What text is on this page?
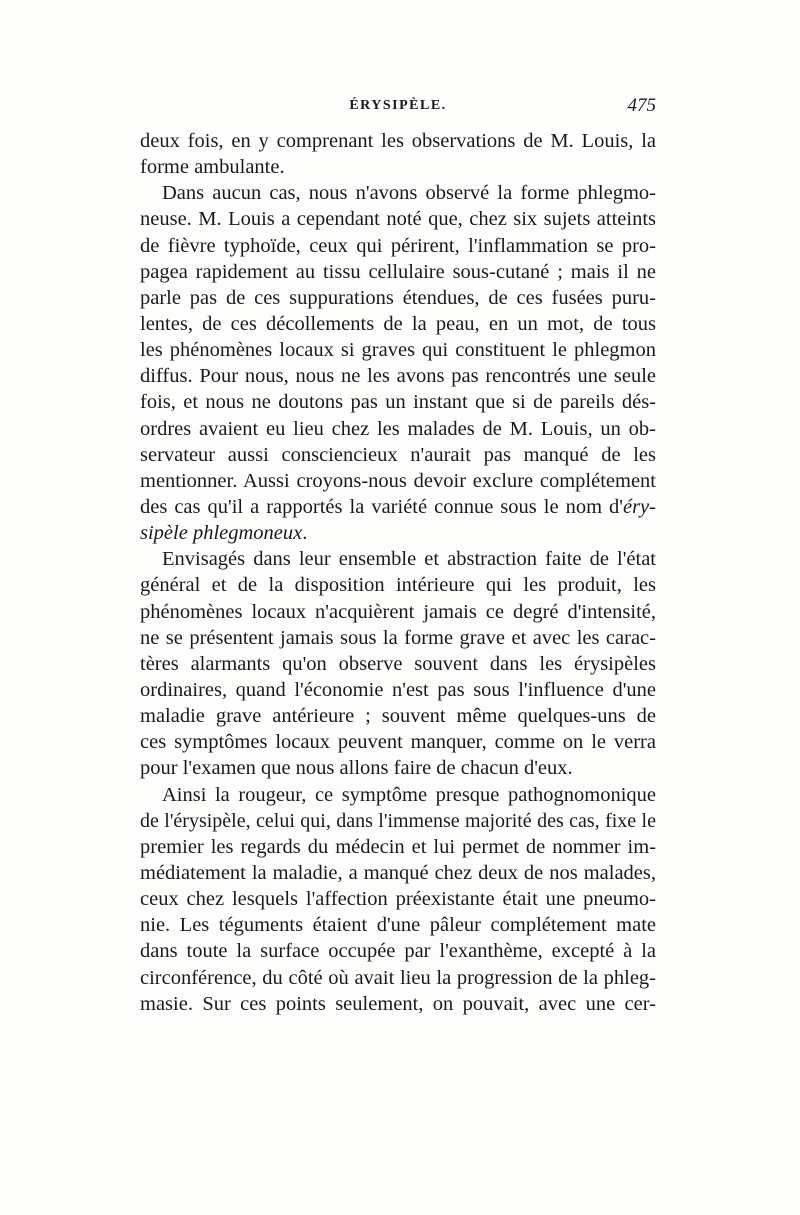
ÉRYSIPÈLE.	475
deux fois, en y comprenant les observations de M. Louis, la
forme ambulante.
Dans aucun cas, nous n'avons observé la forme phlegmo-
neuse. M. Louis a cependant noté que, chez six sujets atteints
de fièvre typhoïde, ceux qui périrent, l'inflammation se pro-
pagea rapidement au tissu cellulaire sous-cutané ; mais il ne
parle pas de ces suppurations étendues, de ces fusées puru-
lentes, de ces décollements de la peau, en un mot, de tous
les phénomènes locaux si graves qui constituent le phlegmon
diffus. Pour nous, nous ne les avons pas rencontrés une seule
fois, et nous ne doutons pas un instant que si de pareils dés-
ordres avaient eu lieu chez les malades de M. Louis, un ob-
servateur aussi consciencieux n'aurait pas manqué de les
mentionner. Aussi croyons-nous devoir exclure complétement
des cas qu'il a rapportés la variété connue sous le nom d'éry-
sipèle phlegmoneux.
Envisagés dans leur ensemble et abstraction faite de l'état
général et de la disposition intérieure qui les produit, les
phénomènes locaux n'acquièrent jamais ce degré d'intensité,
ne se présentent jamais sous la forme grave et avec les carac-
tères alarmants qu'on observe souvent dans les érysipèles
ordinaires, quand l'économie n'est pas sous l'influence d'une
maladie grave antérieure ; souvent même quelques-uns de
ces symptômes locaux peuvent manquer, comme on le verra
pour l'examen que nous allons faire de chacun d'eux.
Ainsi la rougeur, ce symptôme presque pathognomonique
de l'érysipèle, celui qui, dans l'immense majorité des cas, fixe le
premier les regards du médecin et lui permet de nommer im-
médiatement la maladie, a manqué chez deux de nos malades,
ceux chez lesquels l'affection préexistante était une pneumo-
nie. Les téguments étaient d'une pâleur complétement mate
dans toute la surface occupée par l'exanthème, excepté à la
circonférence, du côté où avait lieu la progression de la phleg-
masie. Sur ces points seulement, on pouvait, avec une cer-
